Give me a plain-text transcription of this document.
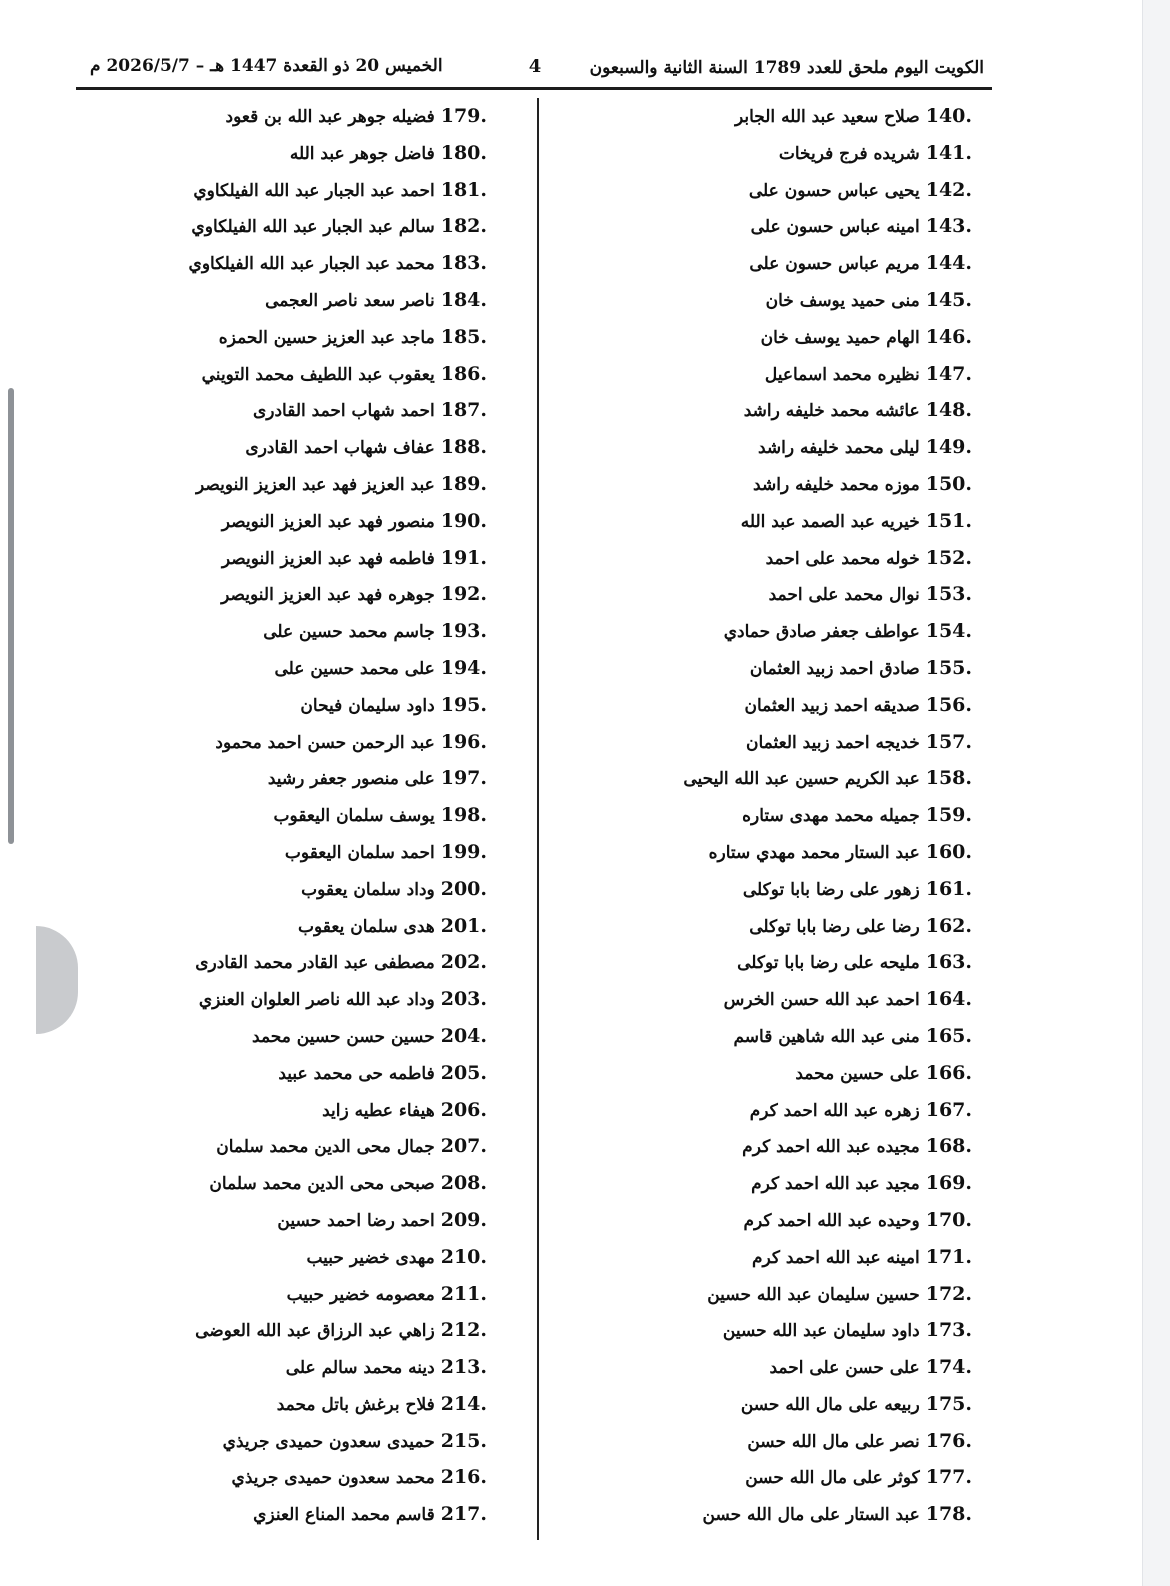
الكويت اليوم ملحق للعدد 1789 السنة الثانية والسبعون
4
الخميس 20 ذو القعدة 1447 هـ – 2026/5/7 م
140.صلاح سعيد عبد الله الجابر
141.شريده فرج فريخات
142.يحيى عباس حسون على
143.امينه عباس حسون على
144.مريم عباس حسون على
145.منى حميد يوسف خان
146.الهام حميد يوسف خان
147.نظيره محمد اسماعيل
148.عائشه محمد خليفه راشد
149.ليلى محمد خليفه راشد
150.موزه محمد خليفه راشد
151.خيريه عبد الصمد عبد الله
152.خوله محمد على احمد
153.نوال محمد على احمد
154.عواطف جعفر صادق حمادي
155.صادق احمد زبيد العثمان
156.صديقه احمد زبيد العثمان
157.خديجه احمد زبيد العثمان
158.عبد الكريم حسين عبد الله اليحيى
159.جميله محمد مهدى ستاره
160.عبد الستار محمد مهدي ستاره
161.زهور على رضا بابا توكلى
162.رضا على رضا بابا توكلى
163.مليحه على رضا بابا توكلى
164.احمد عبد الله حسن الخرس
165.منى عبد الله شاهين قاسم
166.على حسين محمد
167.زهره عبد الله احمد كرم
168.مجيده عبد الله احمد كرم
169.مجيد عبد الله احمد كرم
170.وحيده عبد الله احمد كرم
171.امينه عبد الله احمد كرم
172.حسين سليمان عبد الله حسين
173.داود سليمان عبد الله حسين
174.على حسن على احمد
175.ربيعه على مال الله حسن
176.نصر على مال الله حسن
177.كوثر على مال الله حسن
178.عبد الستار على مال الله حسن
179.فضيله جوهر عبد الله بن قعود
180.فاضل جوهر عبد الله
181.احمد عبد الجبار عبد الله الفيلكاوي
182.سالم عبد الجبار عبد الله الفيلكاوي
183.محمد عبد الجبار عبد الله الفيلكاوي
184.ناصر سعد ناصر العجمى
185.ماجد عبد العزيز حسين الحمزه
186.يعقوب عبد اللطيف محمد التويني
187.احمد شهاب احمد القادرى
188.عفاف شهاب احمد القادرى
189.عبد العزيز فهد عبد العزيز النويصر
190.منصور فهد عبد العزيز النويصر
191.فاطمه فهد عبد العزيز النويصر
192.جوهره فهد عبد العزيز النويصر
193.جاسم محمد حسين على
194.على محمد حسين على
195.داود سليمان فيحان
196.عبد الرحمن حسن احمد محمود
197.على منصور جعفر رشيد
198.يوسف سلمان اليعقوب
199.احمد سلمان اليعقوب
200.وداد سلمان يعقوب
201.هدى سلمان يعقوب
202.مصطفى عبد القادر محمد القادرى
203.وداد عبد الله ناصر العلوان العنزي
204.حسين حسن حسين محمد
205.فاطمه حى محمد عبيد
206.هيفاء عطيه زايد
207.جمال محى الدين محمد سلمان
208.صبحى محى الدين محمد سلمان
209.احمد رضا احمد حسين
210.مهدى خضير حبيب
211.معصومه خضير حبيب
212.زاهي عبد الرزاق عبد الله العوضى
213.دينه محمد سالم على
214.فلاح برغش باتل محمد
215.حميدى سعدون حميدى جريذي
216.محمد سعدون حميدى جريذي
217.قاسم محمد المناع العنزي
